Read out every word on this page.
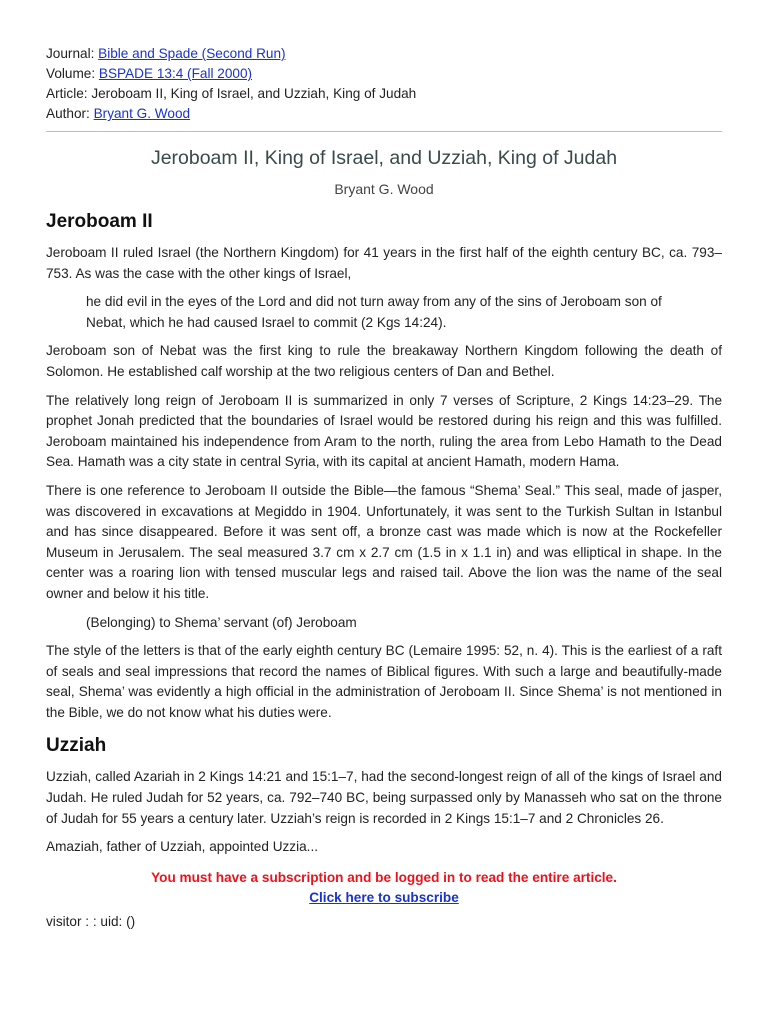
Journal: Bible and Spade (Second Run)
Volume: BSPADE 13:4 (Fall 2000)
Article: Jeroboam II, King of Israel, and Uzziah, King of Judah
Author: Bryant G. Wood
Jeroboam II, King of Israel, and Uzziah, King of Judah
Bryant G. Wood
Jeroboam II

Jeroboam II ruled Israel (the Northern Kingdom) for 41 years in the first half of the eighth century BC, ca. 793–753. As was the case with the other kings of Israel,

he did evil in the eyes of the Lord and did not turn away from any of the sins of Jeroboam son of Nebat, which he had caused Israel to commit (2 Kgs 14:24).

Jeroboam son of Nebat was the first king to rule the breakaway Northern Kingdom following the death of Solomon. He established calf worship at the two religious centers of Dan and Bethel.

The relatively long reign of Jeroboam II is summarized in only 7 verses of Scripture, 2 Kings 14:23–29. The prophet Jonah predicted that the boundaries of Israel would be restored during his reign and this was fulfilled. Jeroboam maintained his independence from Aram to the north, ruling the area from Lebo Hamath to the Dead Sea. Hamath was a city state in central Syria, with its capital at ancient Hamath, modern Hama.

There is one reference to Jeroboam II outside the Bible—the famous “Shema’ Seal.” This seal, made of jasper, was discovered in excavations at Megiddo in 1904. Unfortunately, it was sent to the Turkish Sultan in Istanbul and has since disappeared. Before it was sent off, a bronze cast was made which is now at the Rockefeller Museum in Jerusalem. The seal measured 3.7 cm x 2.7 cm (1.5 in x 1.1 in) and was elliptical in shape. In the center was a roaring lion with tensed muscular legs and raised tail. Above the lion was the name of the seal owner and below it his title.

(Belonging) to Shema’ servant (of) Jeroboam

The style of the letters is that of the early eighth century BC (Lemaire 1995: 52, n. 4). This is the earliest of a raft of seals and seal impressions that record the names of Biblical figures. With such a large and beautifully-made seal, Shema’ was evidently a high official in the administration of Jeroboam II. Since Shema’ is not mentioned in the Bible, we do not know what his duties were.

Uzziah

Uzziah, called Azariah in 2 Kings 14:21 and 15:1–7, had the second-longest reign of all of the kings of Israel and Judah. He ruled Judah for 52 years, ca. 792–740 BC, being surpassed only by Manasseh who sat on the throne of Judah for 55 years a century later. Uzziah’s reign is recorded in 2 Kings 15:1–7 and 2 Chronicles 26.

Amaziah, father of Uzziah, appointed Uzzia...

You must have a subscription and be logged in to read the entire article.
Click here to subscribe
visitor : : uid: ()
